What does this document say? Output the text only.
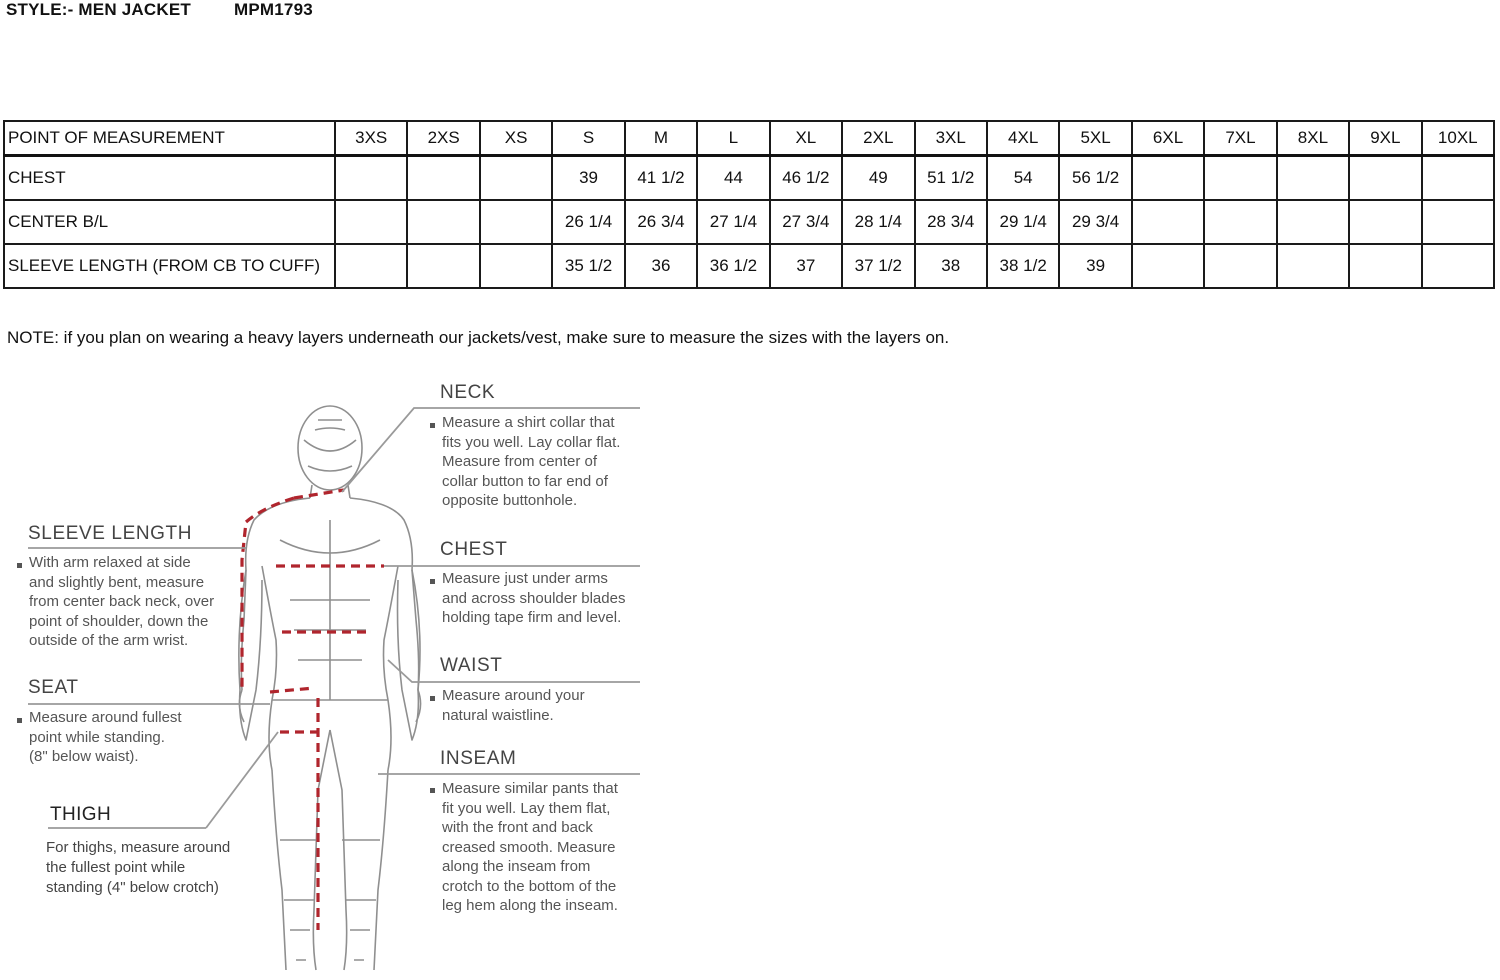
STYLE:- MEN JACKET	MPM1793
POINT OF MEASUREMENT	3XS	2XS	XS	S	M	L	XL	2XL	3XL	4XL	5XL	6XL	7XL	8XL	9XL	10XL
CHEST				39	41 1/2	44	46 1/2	49	51 1/2	54	56 1/2					
CENTER B/L				26 1/4	26 3/4	27 1/4	27 3/4	28 1/4	28 3/4	29 1/4	29 3/4					
SLEEVE LENGTH (FROM CB TO CUFF)				35 1/2	36	36 1/2	37	37 1/2	38	38 1/2	39					
NOTE: if you plan on wearing a heavy layers underneath our jackets/vest, make sure to measure the sizes with the layers on.
NECK
Measure a shirt collar that
fits you well. Lay collar flat.
Measure from center of
collar button to far end of
opposite buttonhole.
CHEST
Measure just under arms
and across shoulder blades
holding tape firm and level.
WAIST
Measure around your
natural waistline.
INSEAM
Measure similar pants that
fit you well. Lay them flat,
with the front and back
creased smooth. Measure
along the inseam from
crotch to the bottom of the
leg hem along the inseam.
SLEEVE LENGTH
With arm relaxed at side
and slightly bent, measure
from center back neck, over
point of shoulder, down the
outside of the arm wrist.
SEAT
Measure around fullest
point while standing.
(8" below waist).
THIGH
For thighs, measure around
the fullest point while
standing (4" below crotch)
